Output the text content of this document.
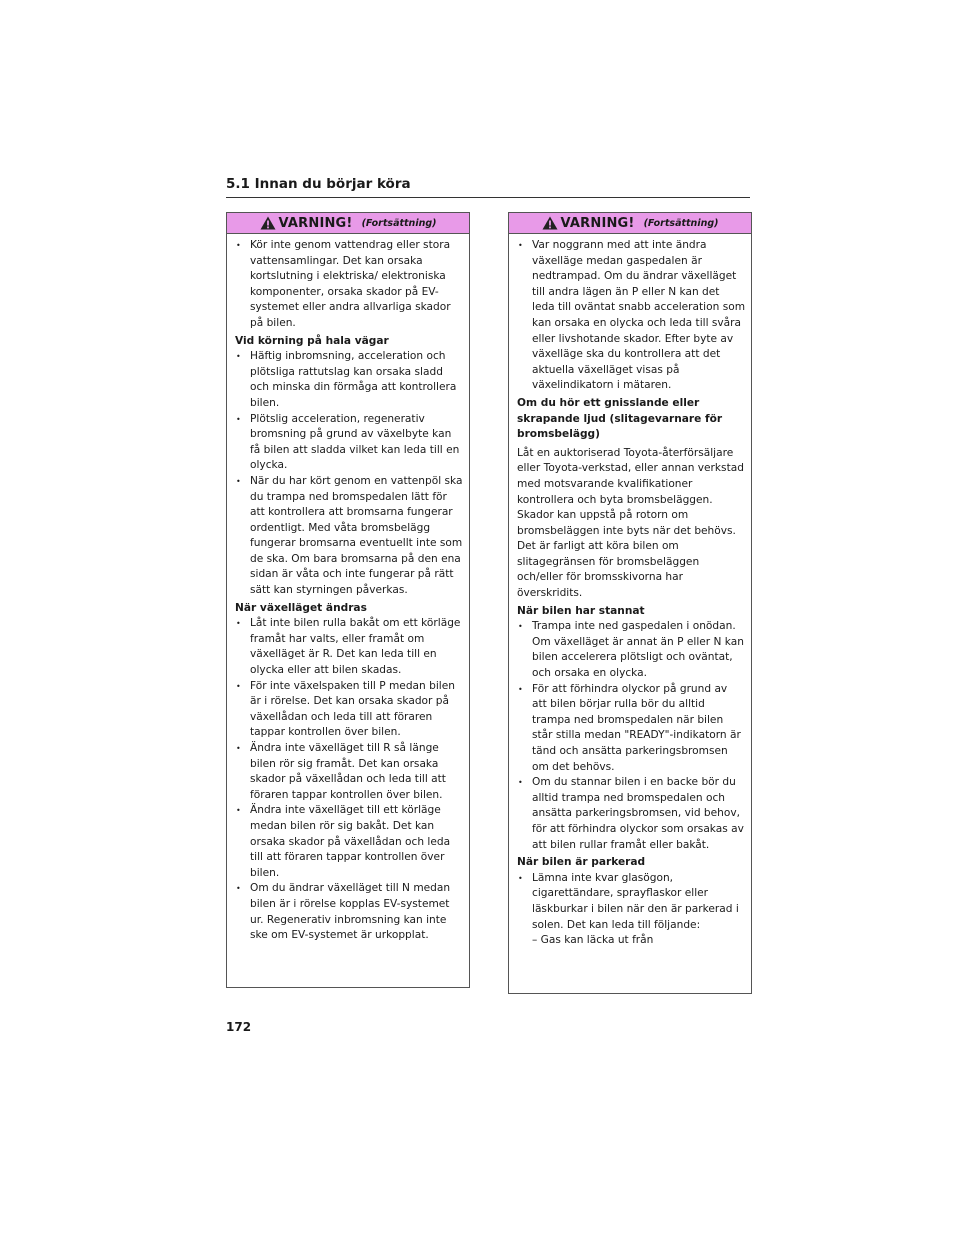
5.1 Innan du börjar köra
VARNING! (Fortsättning)
• Kör inte genom vattendrag eller stora vattensamlingar. Det kan orsaka kortslutning i elektriska/ elektroniska komponenter, orsaka skador på EV-systemet eller andra allvarliga skador på bilen.
Vid körning på hala vägar
• Häftig inbromsning, acceleration och plötsliga rattutslag kan orsaka sladd och minska din förmåga att kontrollera bilen.
• Plötslig acceleration, regenerativ bromsning på grund av växelbyte kan få bilen att sladda vilket kan leda till en olycka.
• När du har kört genom en vattenpöl ska du trampa ned bromspedalen lätt för att kontrollera att bromsarna fungerar ordentligt. Med våta bromsbelägg fungerar bromsarna eventuellt inte som de ska. Om bara bromsarna på den ena sidan är våta och inte fungerar på rätt sätt kan styrningen påverkas.
När växelläget ändras
• Låt inte bilen rulla bakåt om ett körläge framåt har valts, eller framåt om växelläget är R. Det kan leda till en olycka eller att bilen skadas.
• För inte växelspaken till P medan bilen är i rörelse. Det kan orsaka skador på växellådan och leda till att föraren tappar kontrollen över bilen.
• Ändra inte växelläget till R så länge bilen rör sig framåt. Det kan orsaka skador på växellådan och leda till att föraren tappar kontrollen över bilen.
• Ändra inte växelläget till ett körläge medan bilen rör sig bakåt. Det kan orsaka skador på växellådan och leda till att föraren tappar kontrollen över bilen.
• Om du ändrar växelläget till N medan bilen är i rörelse kopplas EV-systemet ur. Regenerativ inbromsning kan inte ske om EV-systemet är urkopplat.
VARNING! (Fortsättning)
• Var noggrann med att inte ändra växelläge medan gaspedalen är nedtrampad. Om du ändrar växelläget till andra lägen än P eller N kan det leda till oväntat snabb acceleration som kan orsaka en olycka och leda till svåra eller livshotande skador. Efter byte av växelläge ska du kontrollera att det aktuella växelläget visas på växelindikatorn i mätaren.
Om du hör ett gnisslande eller skrapande ljud (slitagevarnare för bromsbelägg)
Låt en auktoriserad Toyota-återförsäljare eller Toyota-verkstad, eller annan verkstad med motsvarande kvalifikationer kontrollera och byta bromsbeläggen. Skador kan uppstå på rotorn om bromsbeläggen inte byts när det behövs. Det är farligt att köra bilen om slitagegränsen för bromsbeläggen och/eller för bromsskivorna har överskridits.
När bilen har stannat
• Trampa inte ned gaspedalen i onödan. Om växelläget är annat än P eller N kan bilen accelerera plötsligt och oväntat, och orsaka en olycka.
• För att förhindra olyckor på grund av att bilen börjar rulla bör du alltid trampa ned bromspedalen när bilen står stilla medan "READY"-indikatorn är tänd och ansätta parkeringsbromsen om det behövs.
• Om du stannar bilen i en backe bör du alltid trampa ned bromspedalen och ansätta parkeringsbromsen, vid behov, för att förhindra olyckor som orsakas av att bilen rullar framåt eller bakåt.
När bilen är parkerad
• Lämna inte kvar glasögon, cigarettändare, sprayflaskor eller läskburkar i bilen när den är parkerad i solen. Det kan leda till följande:
– Gas kan läcka ut från
172
